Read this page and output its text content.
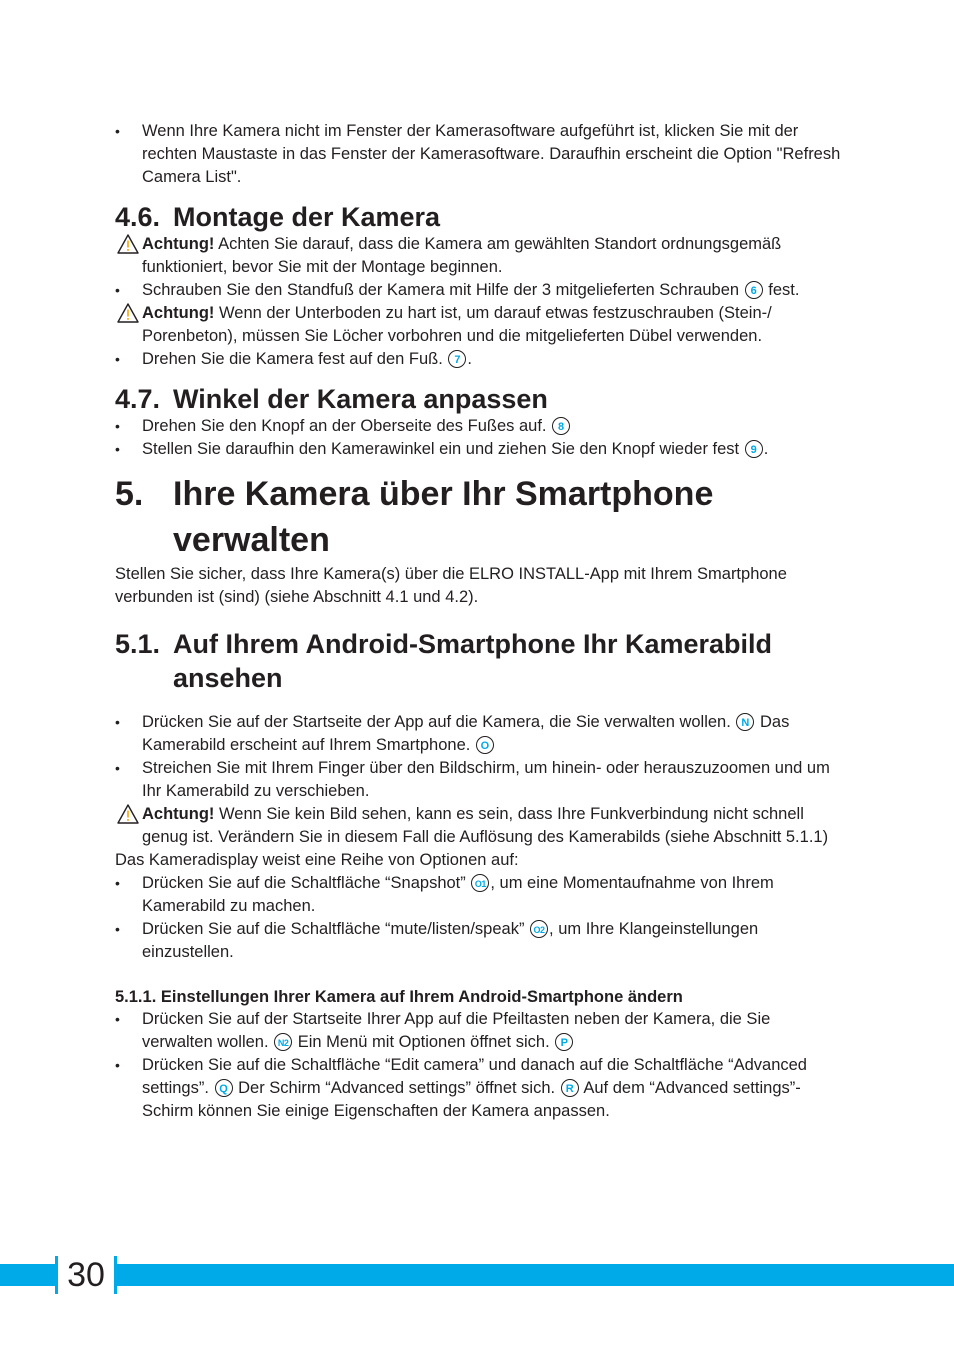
• Wenn Ihre Kamera nicht im Fenster der Kamerasoftware aufgeführt ist, klicken Sie mit der rechten Maustaste in das Fenster der Kamerasoftware. Daraufhin erscheint die Option "Refresh Camera List".
4.6. Montage der Kamera
Achtung! Achten Sie darauf, dass die Kamera am gewählten Standort ordnungsgemäß funktioniert, bevor Sie mit der Montage beginnen.
• Schrauben Sie den Standfuß der Kamera mit Hilfe der 3 mitgelieferten Schrauben 6 fest.
Achtung! Wenn der Unterboden zu hart ist, um darauf etwas festzuschrauben (Stein-/ Porenbeton), müssen Sie Löcher vorbohren und die mitgelieferten Dübel verwenden.
• Drehen Sie die Kamera fest auf den Fuß. 7 .
4.7. Winkel der Kamera anpassen
• Drehen Sie den Knopf an der Oberseite des Fußes auf. 8
• Stellen Sie daraufhin den Kamerawinkel ein und ziehen Sie den Knopf wieder fest 9 .
5. Ihre Kamera über Ihr Smartphone verwalten
Stellen Sie sicher, dass Ihre Kamera(s) über die ELRO INSTALL-App mit Ihrem Smartphone verbunden ist (sind) (siehe Abschnitt 4.1 und 4.2).
5.1. Auf Ihrem Android-Smartphone Ihr Kamerabild ansehen
• Drücken Sie auf der Startseite der App auf die Kamera, die Sie verwalten wollen. N Das Kamerabild erscheint auf Ihrem Smartphone. O
• Streichen Sie mit Ihrem Finger über den Bildschirm, um hinein- oder herauszuzoomen und um Ihr Kamerabild zu verschieben.
Achtung! Wenn Sie kein Bild sehen, kann es sein, dass Ihre Funkverbindung nicht schnell genug ist. Verändern Sie in diesem Fall die Auflösung des Kamerabilds (siehe Abschnitt 5.1.1)
Das Kameradisplay weist eine Reihe von Optionen auf:
• Drücken Sie auf die Schaltfläche “Snapshot” O1 , um eine Momentaufnahme von Ihrem Kamerabild zu machen.
• Drücken Sie auf die Schaltfläche “mute/listen/speak” O2 , um Ihre Klangeinstellungen einzustellen.
5.1.1. Einstellungen Ihrer Kamera auf Ihrem Android-Smartphone ändern
• Drücken Sie auf der Startseite Ihrer App auf die Pfeiltasten neben der Kamera, die Sie verwalten wollen. N2 Ein Menü mit Optionen öffnet sich. P
• Drücken Sie auf die Schaltfläche “Edit camera” und danach auf die Schaltfläche “Advanced settings”. Q Der Schirm “Advanced settings” öffnet sich. R Auf dem “Advanced settings”-Schirm können Sie einige Eigenschaften der Kamera anpassen.
30
